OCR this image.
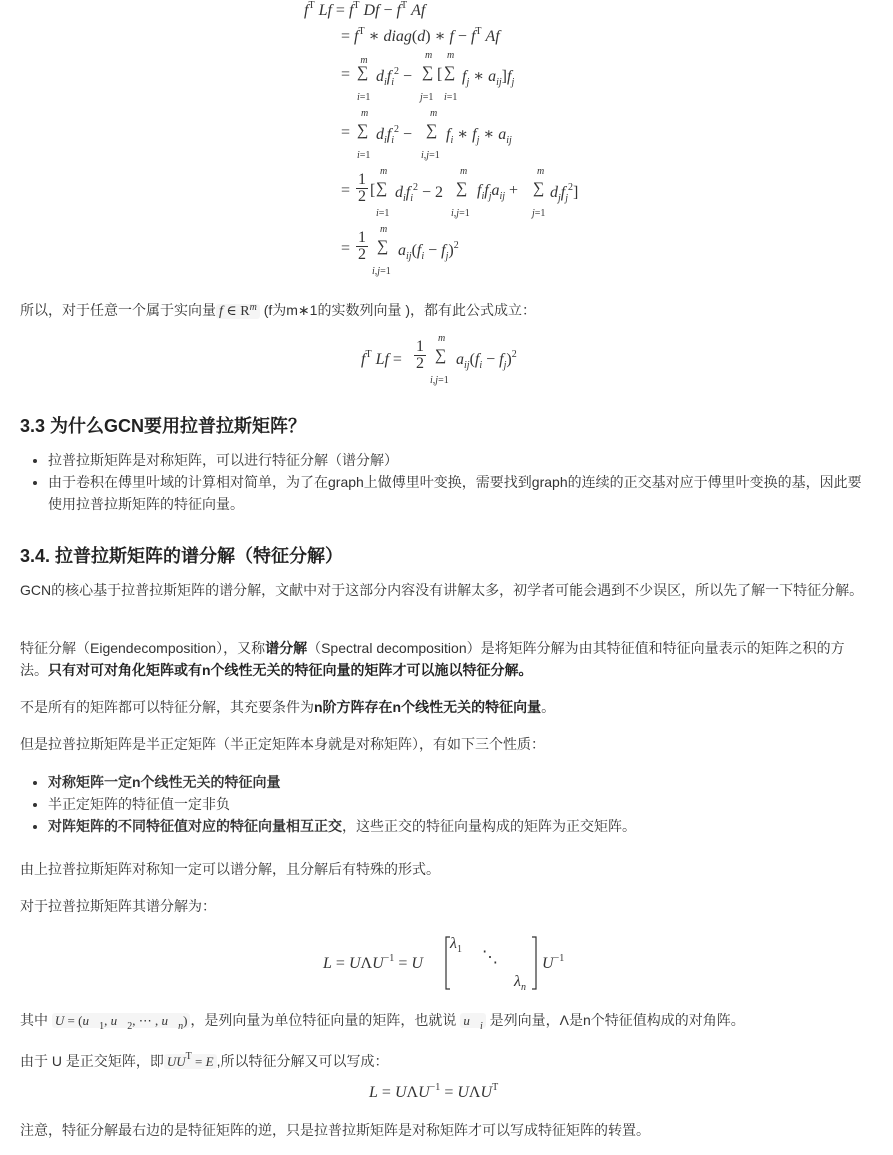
$f^T$ $Lf = f^T$ $Df - f^T$ Af
= $f^T$ ∗ diag(d) ∗ $f - f^T$ Af
=
m
∑
i=1
$d_if_i^2$ −
m
∑
j=1
[
m
∑
i=1
$f_j$ ∗ $a_{ij}]f_j$
=
m
∑
i=1
$d_if_i^2$ −
m
∑
i,j=1
$f_i$ ∗ $f_j$ ∗ $a_{ij}$
= $\frac{1}{2}$ [
m
∑
i=1
$d_if_i^2 - 2$
m
∑
i,j=1
$f_if_ja_{ij}$ +
m
∑
j=1
$d_jf_j^2$]
= $\frac{1}{2}$
m
∑
i,j=1
$a_{ij}(f_i - f_j)^2$
所以，对于任意一个属于实向量 f ∈ $R^m$ (f为m∗1的实数列向量 )，都有此公式成立：
$f^T$ $Lf = \frac{1}{2}$
m
∑
i,j=1
$a_{ij}(f_i - f_j)^2$
3.3 为什么GCN要用拉普拉斯矩阵？
• 拉普拉斯矩阵是对称矩阵，可以进行特征分解（谱分解）
• 由于卷积在傅里叶域的计算相对简单，为了在graph上做傅里叶变换，需要找到graph的连续的正交基对应于傅里叶变换的基，因此要使用拉普拉斯矩阵的特征向量。
3.4. 拉普拉斯矩阵的谱分解（特征分解）
GCN的核心基于拉普拉斯矩阵的谱分解，文献中对于这部分内容没有讲解太多，初学者可能会遇到不少误区，所以先了解一下特征分解。
特征分解（Eigendecomposition），又称谱分解（Spectral decomposition）是将矩阵分解为由其特征值和特征向量表示的矩阵之积的方法。只有对可对角化矩阵或有n个线性无关的特征向量的矩阵才可以施以特征分解。
不是所有的矩阵都可以特征分解，其充要条件为n阶方阵存在n个线性无关的特征向量。
但是拉普拉斯矩阵是半正定矩阵（半正定矩阵本身就是对称矩阵），有如下三个性质：
• 对称矩阵一定n个线性无关的特征向量
• 半正定矩阵的特征值一定非负
• 对阵矩阵的不同特征值对应的特征向量相互正交，这些正交的特征向量构成的矩阵为正交矩阵。
由上拉普拉斯矩阵对称知一定可以谱分解，且分解后有特殊的形式。
对于拉普拉斯矩阵其谱分解为：
$L = U\Lambda U^{-1} = U$
$\lambda_1$ ⋱
$\lambda_n$
$U^{-1}$
其中 $U = (u⃗_1$, $u⃗_2$, ⋯ , $u⃗_n$) ，是列向量为单位特征向量的矩阵，也就说 $u⃗_i$ 是列向量，Λ是n个特征值构成的对角阵。
由于 U 是正交矩阵，即 $UU^T = E$ ,所以特征分解又可以写成：
$L = U\Lambda U^{-1} = U\Lambda U^T$
注意，特征分解最右边的是特征矩阵的逆，只是拉普拉斯矩阵是对称矩阵才可以写成特征矩阵的转置。
